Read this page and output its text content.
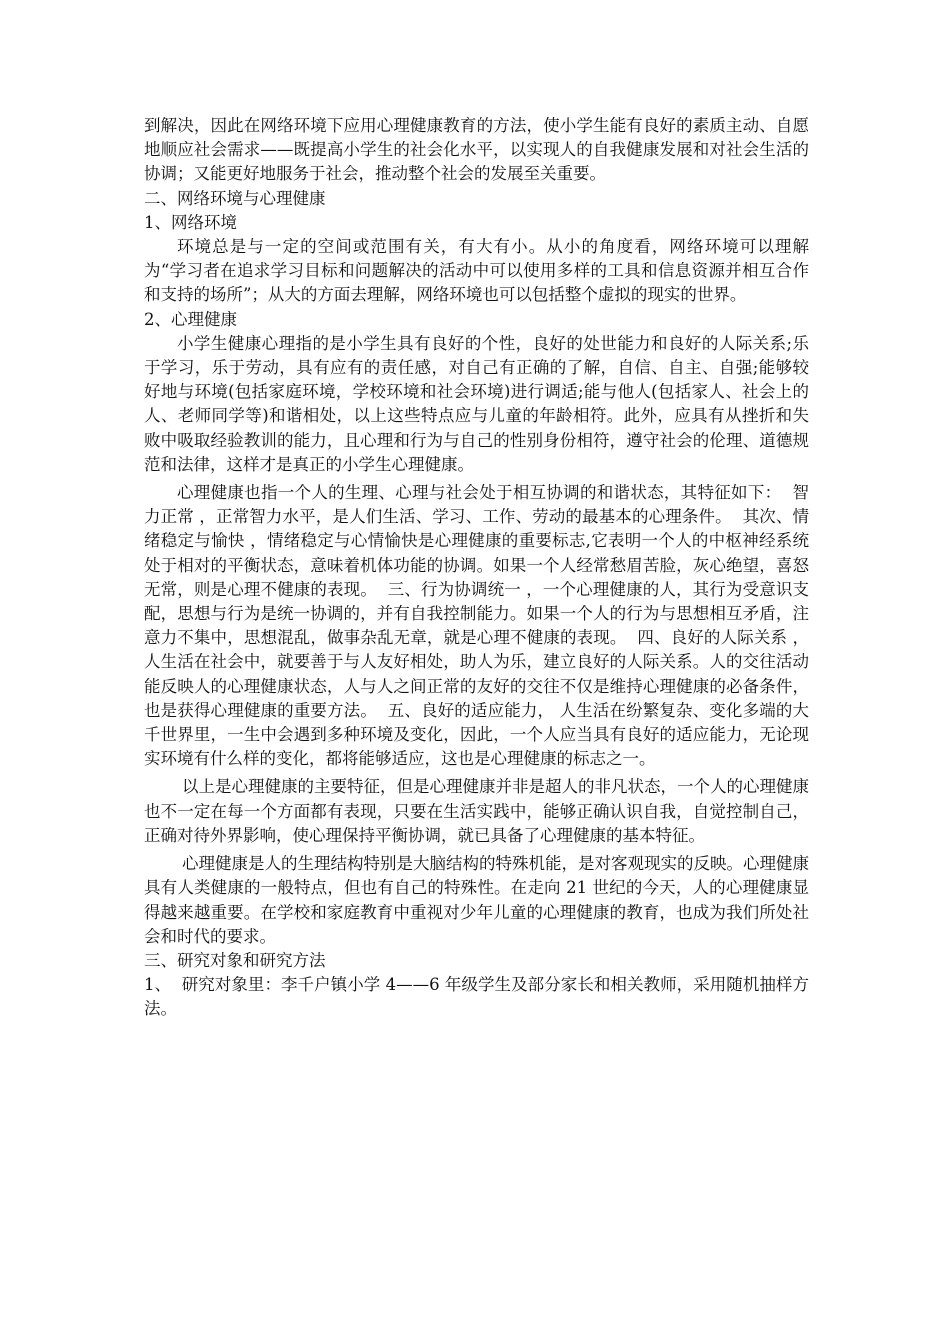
到解决，因此在网络环境下应用心理健康教育的方法，使小学生能有良好的素质主动、自愿地顺应社会需求——既提高小学生的社会化水平，以实现人的自我健康发展和对社会生活的协调；又能更好地服务于社会，推动整个社会的发展至关重要。

二、网络环境与心理健康

1、网络环境

环境总是与一定的空间或范围有关，有大有小。从小的角度看，网络环境可以理解为“学习者在追求学习目标和问题解决的活动中可以使用多样的工具和信息资源并相互合作和支持的场所”；从大的方面去理解，网络环境也可以包括整个虚拟的现实的世界。

2、心理健康

小学生健康心理指的是小学生具有良好的个性，良好的处世能力和良好的人际关系;乐于学习，乐于劳动，具有应有的责任感，对自己有正确的了解，自信、自主、自强;能够较好地与环境(包括家庭环境，学校环境和社会环境)进行调适;能与他人(包括家人、社会上的人、老师同学等)和谐相处，以上这些特点应与儿童的年龄相符。此外，应具有从挫折和失败中吸取经验教训的能力，且心理和行为与自己的性别身份相符，遵守社会的伦理、道德规范和法律，这样才是真正的小学生心理健康。

心理健康也指一个人的生理、心理与社会处于相互协调的和谐状态，其特征如下：  智力正常 ，正常智力水平，是人们生活、学习、工作、劳动的最基本的心理条件。  其次、情绪稳定与愉快 ，情绪稳定与心情愉快是心理健康的重要标志,它表明一个人的中枢神经系统处于相对的平衡状态，意味着机体功能的协调。如果一个人经常愁眉苦脸，灰心绝望，喜怒无常，则是心理不健康的表现。  三、行为协调统一 ，一个心理健康的人，其行为受意识支配，思想与行为是统一协调的，并有自我控制能力。如果一个人的行为与思想相互矛盾，注意力不集中，思想混乱，做事杂乱无章，就是心理不健康的表现。  四、良好的人际关系 ，人生活在社会中，就要善于与人友好相处，助人为乐，建立良好的人际关系。人的交往活动能反映人的心理健康状态，人与人之间正常的友好的交往不仅是维持心理健康的必备条件，也是获得心理健康的重要方法。  五、良好的适应能力， 人生活在纷繁复杂、变化多端的大千世界里，一生中会遇到多种环境及变化，因此，一个人应当具有良好的适应能力，无论现实环境有什么样的变化，都将能够适应，这也是心理健康的标志之一。

以上是心理健康的主要特征，但是心理健康并非是超人的非凡状态，一个人的心理健康也不一定在每一个方面都有表现，只要在生活实践中，能够正确认识自我，自觉控制自己，正确对待外界影响，使心理保持平衡协调，就已具备了心理健康的基本特征。

心理健康是人的生理结构特别是大脑结构的特殊机能，是对客观现实的反映。心理健康具有人类健康的一般特点，但也有自己的特殊性。在走向 21 世纪的今天，人的心理健康显得越来越重要。在学校和家庭教育中重视对少年儿童的心理健康的教育，也成为我们所处社会和时代的要求。

三、研究对象和研究方法

1、  研究对象里：李千户镇小学 4——6 年级学生及部分家长和相关教师，采用随机抽样方法。
